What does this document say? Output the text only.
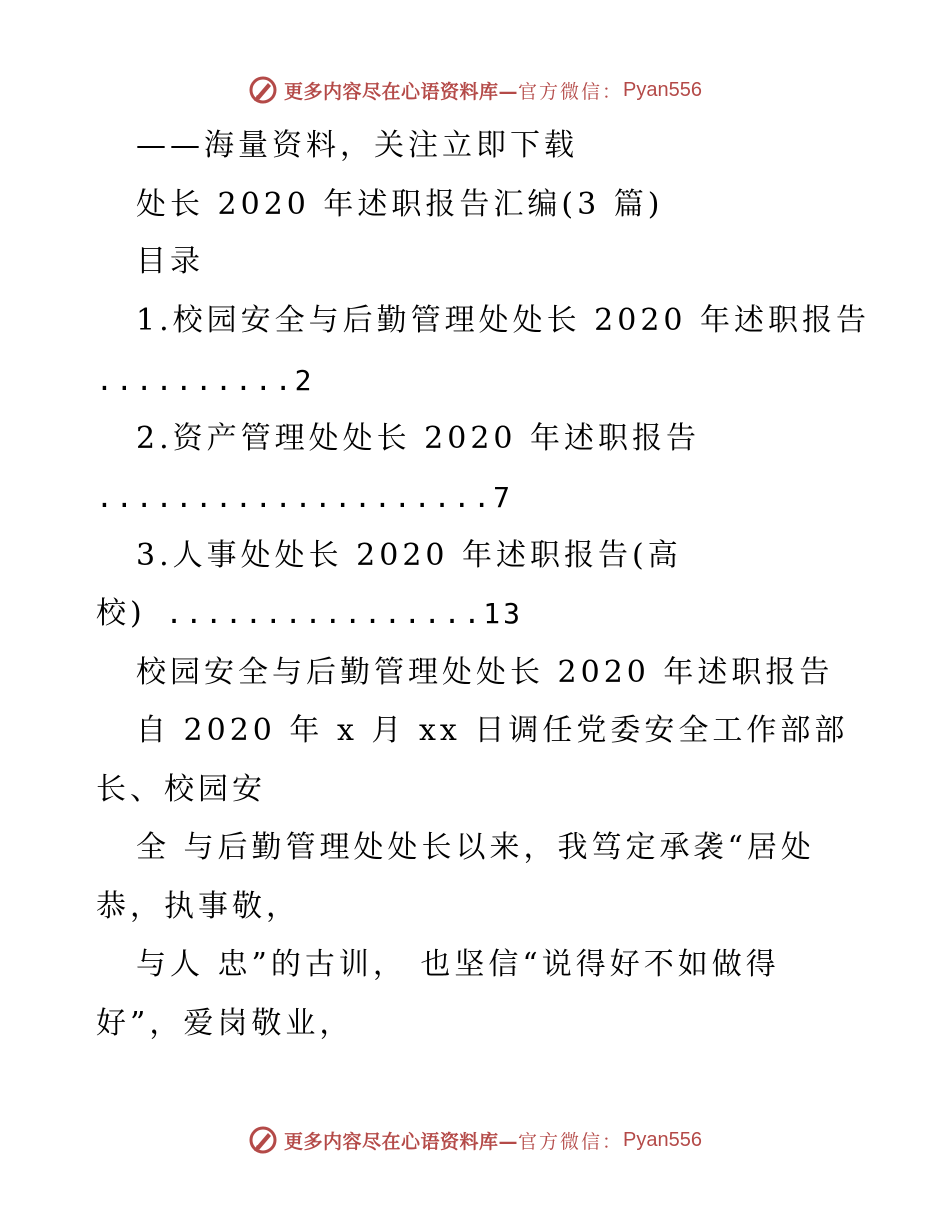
更多内容尽在心语资料库— 官方微信： Pyan556
——海量资料，关注立即下载
处长 2020 年述职报告汇编(3 篇)
目录
1.校园安全与后勤管理处处长 2020 年述职报告
..........2
2.资产管理处处长 2020 年述职报告
....................7
3.人事处处长 2020 年述职报告(高
校) ................13
校园安全与后勤管理处处长 2020 年述职报告
自 2020 年 x 月 xx 日调任党委安全工作部部
长、校园安
全 与后勤管理处处长以来，我笃定承袭“居处
恭，执事敬，
与人 忠”的古训， 也坚信“说得好不如做得
好”，爱岗敬业，
更多内容尽在心语资料库— 官方微信： Pyan556
